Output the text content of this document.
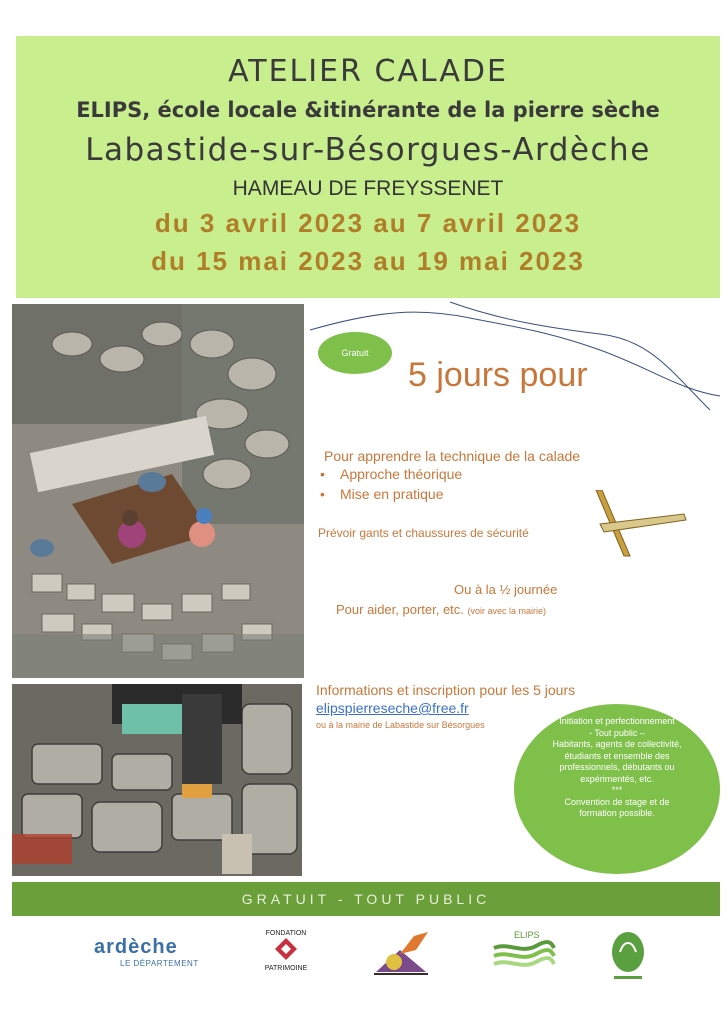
ATELIER CALADE
ELIPS, école locale &itinérante de la pierre sèche
Labastide-sur-Bésorgues-Ardèche
HAMEAU DE FREYSSENET
du 3 avril 2023 au 7 avril 2023
du 15 mai 2023 au 19 mai 2023
Gratuit
5 jours pour
Pour apprendre la technique de la calade
• Approche théorique
• Mise en pratique
Prévoir gants et chaussures de sécurité
Ou à la ½ journée
Pour aider, porter, etc. (voir avec la mairie)
Informations et inscription pour les 5 jours
elipspierreseche@free.fr
ou à la mairie de Labastide sur Bésorgues	Initiation et perfectionnement

- Tout public –

Habitants, agents de collectivité, étudiants et ensemble des professionnels, débutants ou expérimentés, etc.

***

Convention de stage et de formation possible.

GRATUIT - TOUT PUBLIC
ardèche
LE DÉPARTEMENT
FONDATION
PATRIMOINE
ELIPS
